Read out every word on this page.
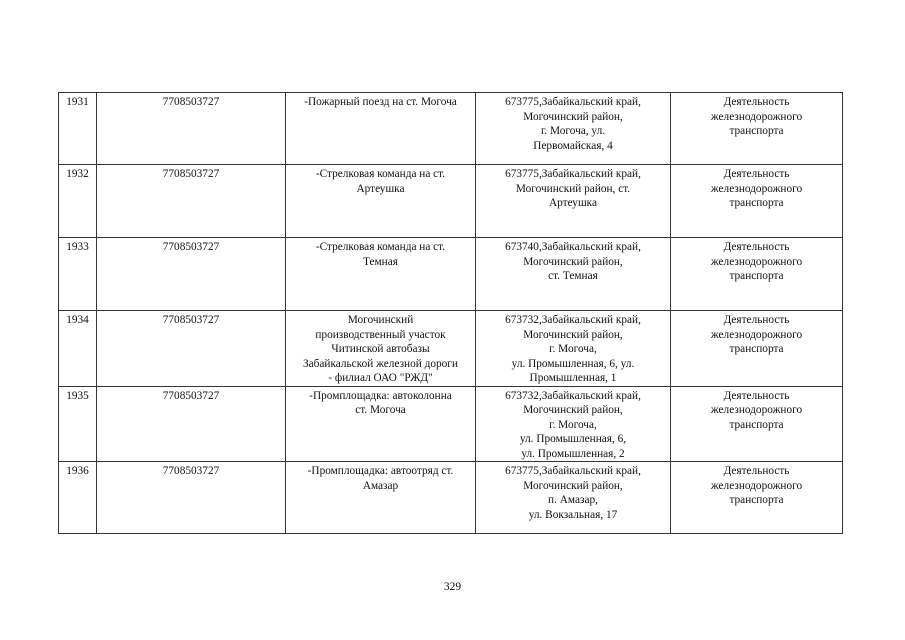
1931	7708503727	-Пожарный поезд на ст. Могоча	673775,Забайкальский край,
Могочинский район,
г. Могоча, ул.
Первомайская, 4	Деятельность
железнодорожного
транспорта

1932	7708503727	-Стрелковая команда на ст.
Артеушка	673775,Забайкальский край,
Могочинский район, ст.
Артеушка	Деятельность
железнодорожного
транспорта

1933	7708503727	-Стрелковая команда на ст.
Темная	673740,Забайкальский край,
Могочинский район,
ст. Темная	Деятельность
железнодорожного
транспорта

1934	7708503727	Могочинский
производственный участок
Читинской автобазы
Забайкальской железной дороги
- филиал ОАО "РЖД"	673732,Забайкальский край,
Могочинский район,
г. Могоча,
ул. Промышленная, 6, ул.
Промышленная, 1	Деятельность
железнодорожного
транспорта

1935	7708503727	-Промплощадка: автоколонна
ст. Могоча	673732,Забайкальский край,
Могочинский район,
г. Могоча,
ул. Промышленная, 6,
ул. Промышленная, 2	Деятельность
железнодорожного
транспорта

1936	7708503727	-Промплощадка: автоотряд ст.
Амазар	673775,Забайкальский край,
Могочинский район,
п. Амазар,
ул. Вокзальная, 17	Деятельность
железнодорожного
транспорта
329
